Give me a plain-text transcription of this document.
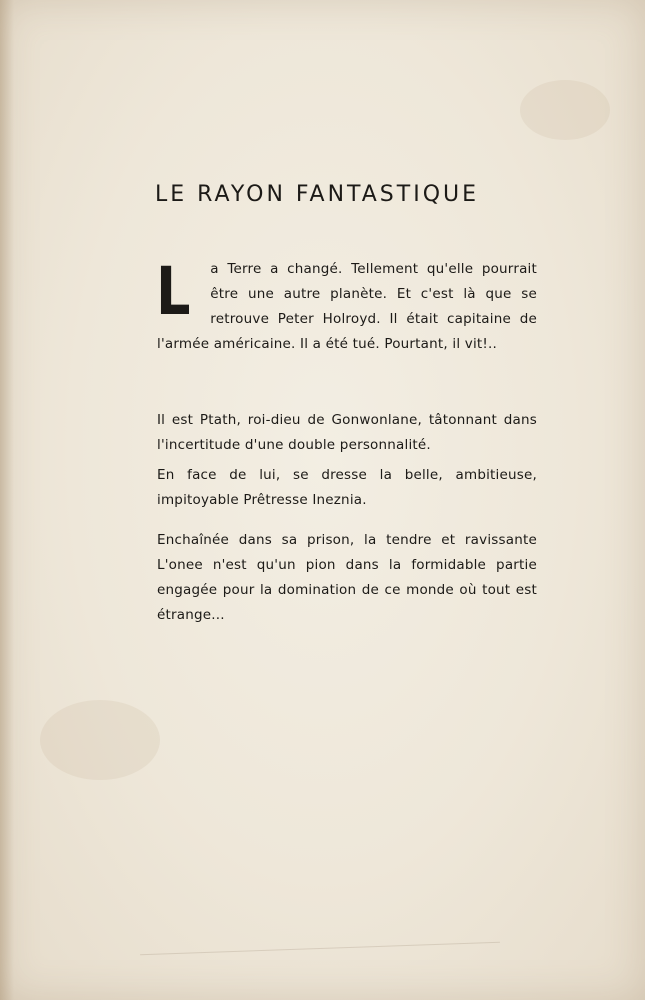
LE RAYON FANTASTIQUE
L a Terre a changé. Tellement qu'elle pourrait être une autre planète. Et c'est là que se retrouve Peter Holroyd. Il était capitaine de l'armée américaine. Il a été tué. Pourtant, il vit!..

Il est Ptath, roi-dieu de Gonwonlane, tâtonnant dans l'incertitude d'une double personnalité.

En face de lui, se dresse la belle, ambitieuse, impitoyable Prêtresse Ineznia.

Enchaînée dans sa prison, la tendre et ravissante L'onee n'est qu'un pion dans la formidable partie engagée pour la domination de ce monde où tout est étrange...
